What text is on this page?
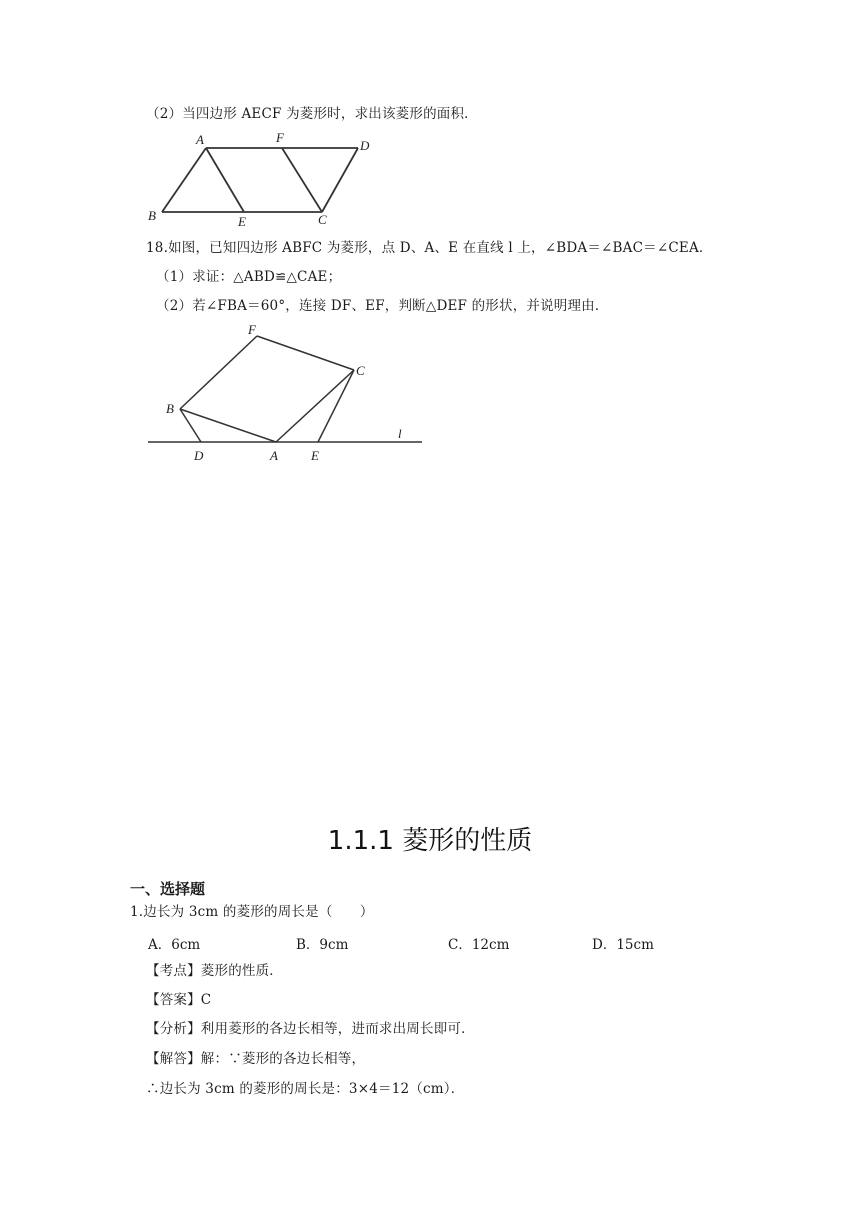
（2）当四边形 AECF 为菱形时，求出该菱形的面积．
A	F
D
B	E	C
18.如图，已知四边形 ABFC 为菱形，点 D、A、E 在直线 l 上，∠BDA＝∠BAC＝∠CEA．
（1）求证：△ABD≌△CAE；
（2）若∠FBA＝60°，连接 DF、EF，判断△DEF 的形状，并说明理由．
F
C
B
D	A	E
l
1.1.1 菱形的性质
一、选择题
1.边长为 3cm 的菱形的周长是（　　）
A．6cm	B．9cm	C．12cm	D．15cm
【考点】菱形的性质．
【答案】C
【分析】利用菱形的各边长相等，进而求出周长即可．
【解答】解：∵菱形的各边长相等，
∴边长为 3cm 的菱形的周长是：3×4＝12（cm）．
